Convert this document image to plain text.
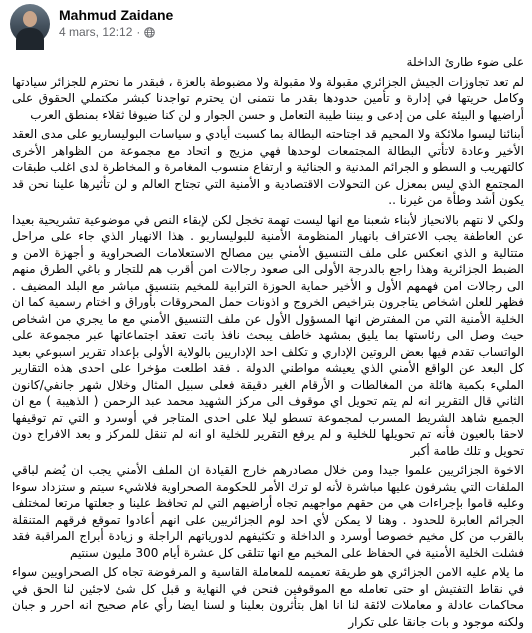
Mahmud Zaidane
4 mars, 12:12 ·

على ضوء طارئ الداخلة

لم تعد تجاوزات الجيش الجزائري مقبولة ولا مقبولة ولا مضبوطة بالعزة ، فبقدر ما نحترم للجزائر سيادتها وكامل حريتها في إدارة و تأمين حدودها بقدر ما نتمنى ان يحترم تواجدنا كبشر مكتملي الحقوق على أراضيها و البيئة على من إدعى و بيننا طيبة التعامل و حسن الجوار و لن كنا ضيوفا ثقلاء بمنطق العرب

أبنائنا ليسوا ملائكة ولا المحيم قد اجتاحته البطالة بما كسبت أيادي و سياسات البوليساريو على مدى العقد الأخير وعادة لاتأتي البطالة المجتمعات لوحدها فهي مزيج و اتحاد مع مجموعة من الظواهر الأخرى كالتهريب و السطو و الجرائم المدنية و الجنائية و ارتفاع منسوب المغامرة و المخاطرة لدى اغلب طبقات المجتمع الذي ليس بمعزل عن التحولات الاقتصادية و الأمنية التي تجتاح العالم و لن تأثيرها علينا نحن قد يكون أشد وطأة من غيرنا ..

ولكي لا نتهم بالانحياز لأبناء شعبنا مع انها ليست تهمة تخجل لكن لإبقاء النص في موضوعية تشريحية بعيدا عن العاطفة يجب الاعتراف بانهيار المنظومة الأمنية للبوليساريو . هذا الانهيار الذي جاء على مراحل متتالية و الذي انعكس على ملف التنسيق الأمني بين مصالح الاستعلامات الصحراوية و أجهزة الامن و الضبط الجزائرية وهذا راجع بالدرجة الأولى الى صعود رجالات امن أقرب هم للتجار و باغي الطرق منهم الى رجالات امن فهمهم الأول و الأخير حماية الحوزة الترابية للمخيم بتنسيق مباشر مع البلد المضيف . فظهر للعلن اشخاص يتاجرون بتراخيص الخروج و اذونات حمل المحروقات بأوراق و اختام رسمية كما ان الخلية الأمنية التي من المفترض انها المسؤول الأول عن ملف التنسيق الأمني مع ما يجري من اشخاص حيث وصل الى رئاستها بما يليق بمشهد خاطف يبحث نافذ باتت تعقد اجتماعاتها عبر مجموعة على الواتساب تقدم فيها بعض الروتين الإداري و تكلف احد الإداريين بالولاية الأولى بإعداد تقرير اسبوعي بعيد كل البعد عن الواقع الأمني الذي يعيشه مواطني الدولة . فقد اطلعت مؤخرا على احدى هذه التقارير المليء بكمية هائلة من المغالطات و الأرقام الغير دقيقة فعلى سبيل المثال وخلال شهر جانفي/كانون الثاني قال التقرير انه لم يتم تحويل اي موقوف الى مركز الشهيد محمد عبد الرحمن ( الذهيبة ) مع ان الجميع شاهد الشريط المسرب لمجموعة تسطو ليلا على احدى المتاجر في أوسرد و التي تم توقيفها لاحقا بالعيون فأنه تم تحويلها للخلية و لم يرفع التقرير للخلية او انه لم تنقل للمركز و بعد الافراج دون تحويل و تلك طامة أكبر

الاخوة الجزائريين علموا جيدا ومن خلال مصادرهم خارج القيادة ان الملف الأمني يجب ان يُضم لباقي الملفات التي يشرفون عليها مباشرة لأنه لو ترك الأمر للحكومة الصحراوية فلاشيء سيتم و ستزداد سوءا وعليه قاموا بإجراءات هي من حقهم مواجهيم تجاه أراضيهم التي لم تحافظ علينا و جعلتها مرتعا لمختلف الجرائم العابرة للحدود . وهنا لا يمكن لأي احد لوم الجزائريين على انهم أعادوا تموقع فرقهم المتنقلة بالقرب من كل مخيم خصوصا أوسرد و الداخلة و تكثيفهم لدورياتهم الراجلة و زيادة أبراج المراقبة فقد فشلت الخلية الأمنية في الحفاظ على المخيم مع انها تتلقى كل عشرة أيام 300 مليون سنتيم

ما يلام عليه الامن الجزائري هو طريقة تعميمه للمعاملة القاسية و المرفوضة تجاه كل الصحراويين سواء في نقاط التفتيش او حتى تعامله مع الموقوفين فنحن في النهاية و قبل كل شئ لاجئين لنا الحق في محاكمات عادلة و معاملات لائقة لنا انا اهل بتأثرون بعلينا و لسنا ايضا رأي عام صحيح انه احرر و جبان ولكنه موجود و بات جانقا على تكرار
